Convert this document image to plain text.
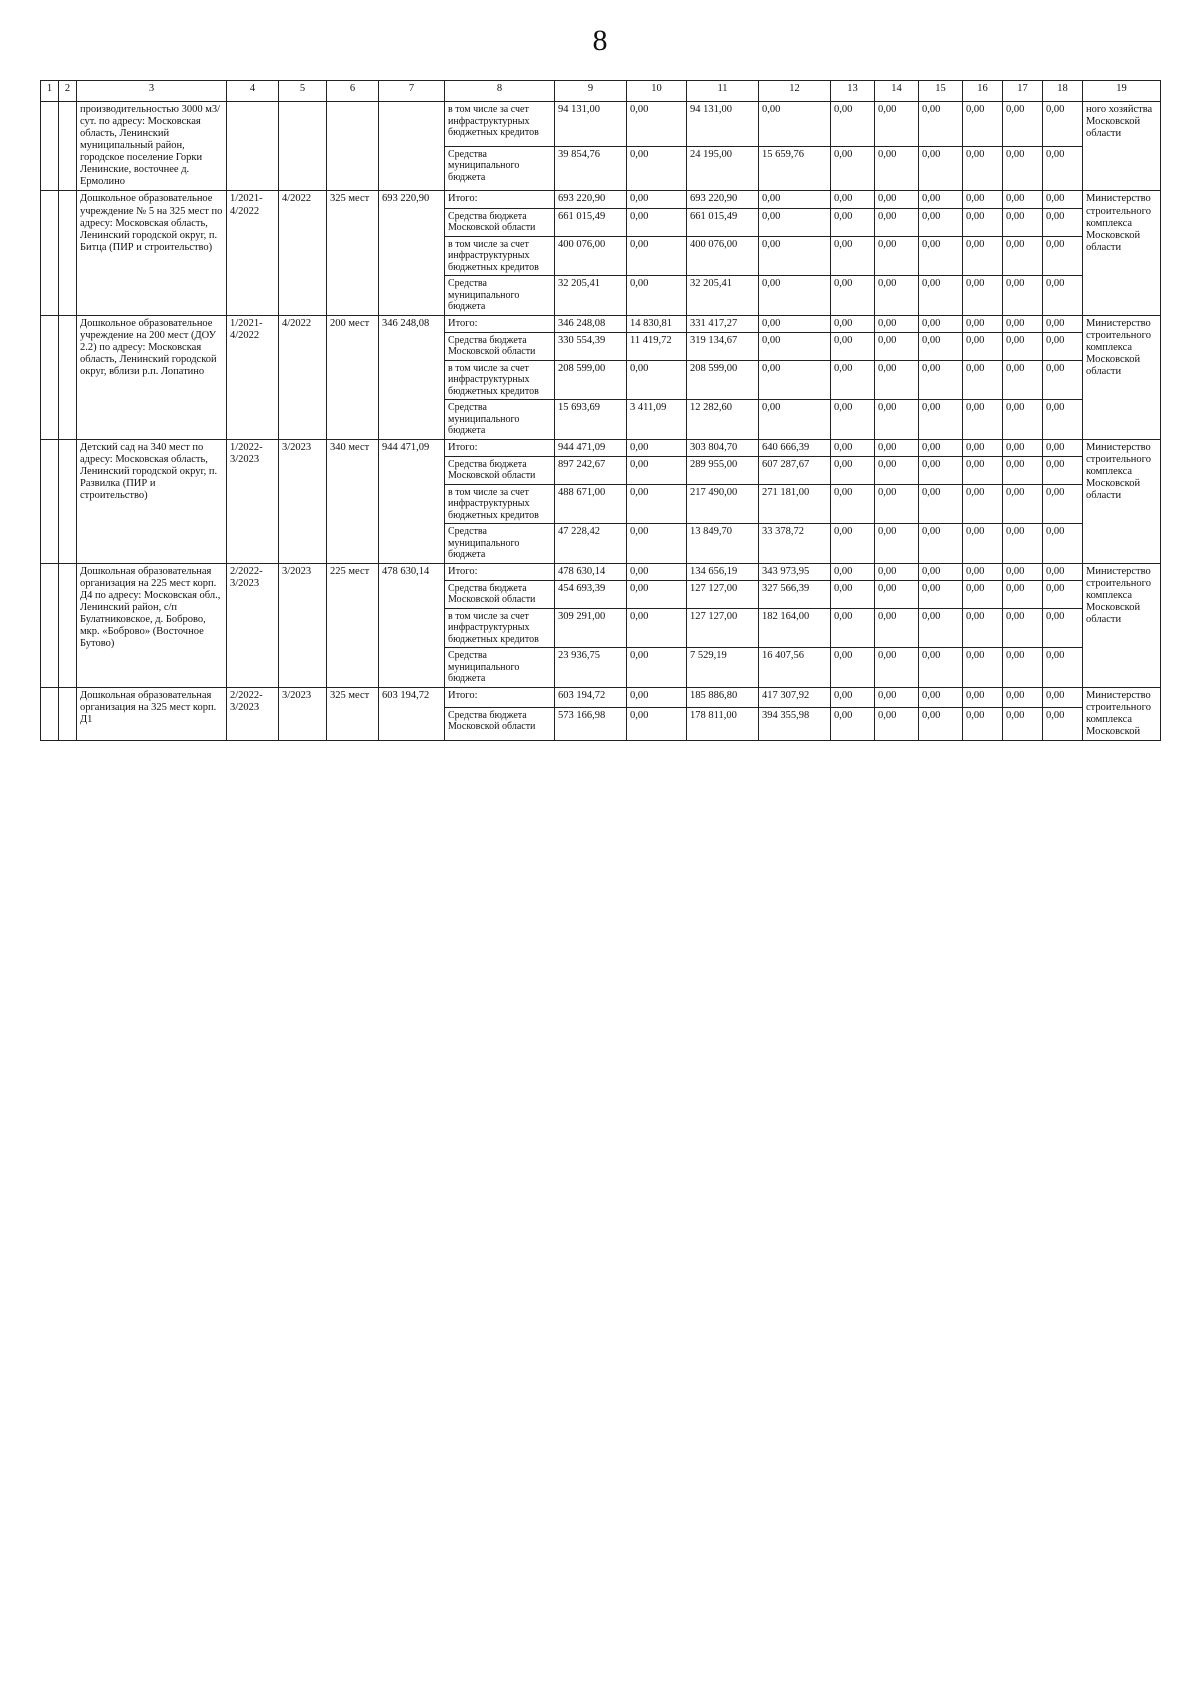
8
1	2	3	4	5	6	7	8	9	10	11	12	13	14	15	16	17	18	19
		производительностью 3000 м3/сут. по адресу: Московская область, Ленинский муниципальный район, городское поселение Горки Ленинские, восточнее д. Ермолино					в том числе за счет инфраструктурных бюджетных кредитов	94 131,00	0,00	94 131,00	0,00	0,00	0,00	0,00	0,00	0,00	0,00	ного хозяйства Московской области
							Средства муниципального бюджета	39 854,76	0,00	24 195,00	15 659,76	0,00	0,00	0,00	0,00	0,00	0,00	
		Дошкольное образовательное учреждение № 5 на 325 мест по адресу: Московская область, Ленинский городской округ, п. Битца (ПИР и строительство)	1/2021-4/2022	4/2022	325 мест	693 220,90	Итого:	693 220,90	0,00	693 220,90	0,00	0,00	0,00	0,00	0,00	0,00	0,00	Министерство строительного комплекса Московской области
							Средства бюджета Московской области	661 015,49	0,00	661 015,49	0,00	0,00	0,00	0,00	0,00	0,00	0,00	
							в том числе за счет инфраструктурных бюджетных кредитов	400 076,00	0,00	400 076,00	0,00	0,00	0,00	0,00	0,00	0,00	0,00	
							Средства муниципального бюджета	32 205,41	0,00	32 205,41	0,00	0,00	0,00	0,00	0,00	0,00	0,00	
		Дошкольное образовательное учреждение на 200 мест (ДОУ 2.2) по адресу: Московская область, Ленинский городской округ, вблизи р.п. Лопатино	1/2021-4/2022	4/2022	200 мест	346 248,08	Итого:	346 248,08	14 830,81	331 417,27	0,00	0,00	0,00	0,00	0,00	0,00	0,00	Министерство строительного комплекса Московской области
							Средства бюджета Московской области	330 554,39	11 419,72	319 134,67	0,00	0,00	0,00	0,00	0,00	0,00	0,00	
							в том числе за счет инфраструктурных бюджетных кредитов	208 599,00	0,00	208 599,00	0,00	0,00	0,00	0,00	0,00	0,00	0,00	
							Средства муниципального бюджета	15 693,69	3 411,09	12 282,60	0,00	0,00	0,00	0,00	0,00	0,00	0,00	
		Детский сад на 340 мест по адресу: Московская область, Ленинский городской округ, п. Развилка (ПИР и строительство)	1/2022-3/2023	3/2023	340 мест	944 471,09	Итого:	944 471,09	0,00	303 804,70	640 666,39	0,00	0,00	0,00	0,00	0,00	0,00	Министерство строительного комплекса Московской области
							Средства бюджета Московской области	897 242,67	0,00	289 955,00	607 287,67	0,00	0,00	0,00	0,00	0,00	0,00	
							в том числе за счет инфраструктурных бюджетных кредитов	488 671,00	0,00	217 490,00	271 181,00	0,00	0,00	0,00	0,00	0,00	0,00	
							Средства муниципального бюджета	47 228,42	0,00	13 849,70	33 378,72	0,00	0,00	0,00	0,00	0,00	0,00	
		Дошкольная образовательная организация на 225 мест корп. Д4 по адресу: Московская обл., Ленинский район, с/п Булатниковское, д. Боброво, мкр. «Бобровo» (Восточное Бутово)	2/2022-3/2023	3/2023	225 мест	478 630,14	Итого:	478 630,14	0,00	134 656,19	343 973,95	0,00	0,00	0,00	0,00	0,00	0,00	Министерство строительного комплекса Московской области
							Средства бюджета Московской области	454 693,39	0,00	127 127,00	327 566,39	0,00	0,00	0,00	0,00	0,00	0,00	
							в том числе за счет инфраструктурных бюджетных кредитов	309 291,00	0,00	127 127,00	182 164,00	0,00	0,00	0,00	0,00	0,00	0,00	
							Средства муниципального бюджета	23 936,75	0,00	7 529,19	16 407,56	0,00	0,00	0,00	0,00	0,00	0,00	
		Дошкольная образовательная организация на 325 мест корп. Д1	2/2022-3/2023	3/2023	325 мест	603 194,72	Итого:	603 194,72	0,00	185 886,80	417 307,92	0,00	0,00	0,00	0,00	0,00	0,00	Министерство строительного комплекса Московской
							Средства бюджета Московской области	573 166,98	0,00	178 811,00	394 355,98	0,00	0,00	0,00	0,00	0,00	0,00	
